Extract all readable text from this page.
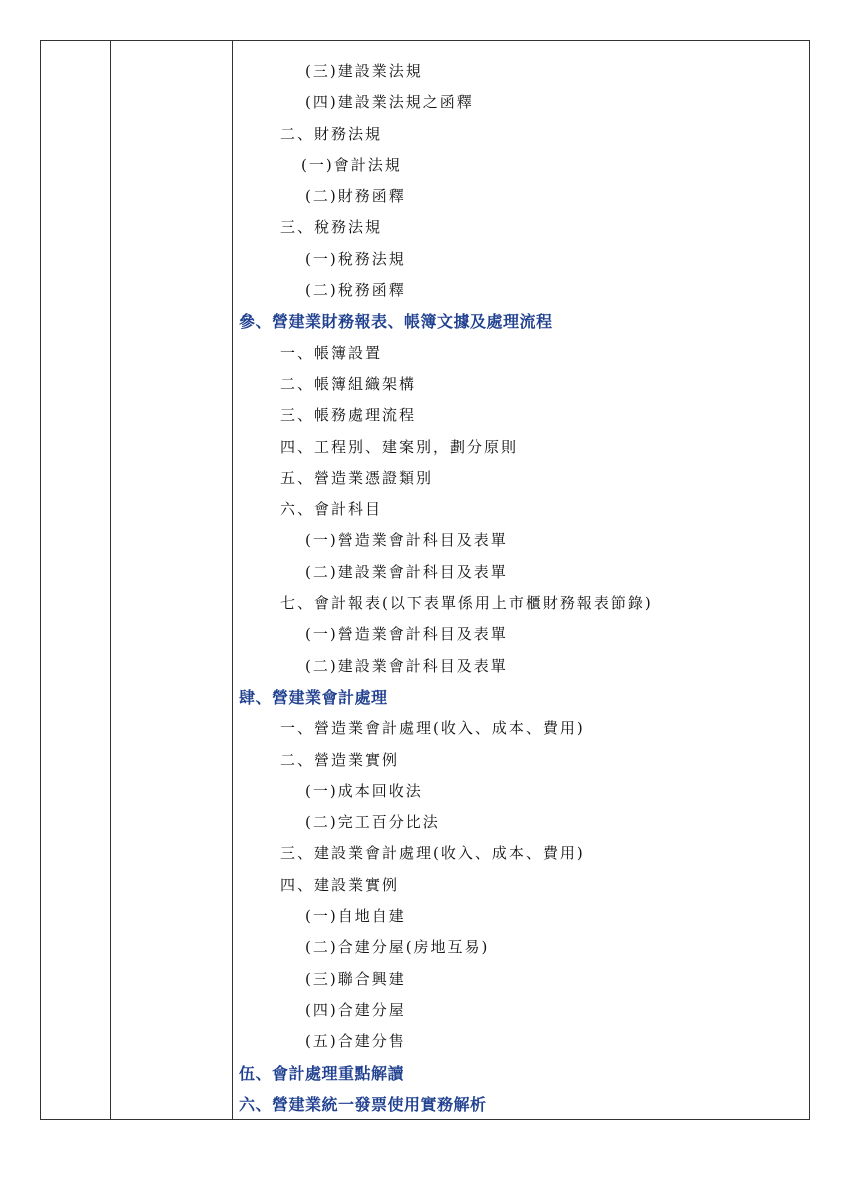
(三)建設業法規
(四)建設業法規之函釋
二、財務法規
(一)會計法規
(二)財務函釋
三、稅務法規
(一)稅務法規
(二)稅務函釋
參、營建業財務報表、帳簿文據及處理流程
一、帳簿設置
二、帳簿組織架構
三、帳務處理流程
四、工程別、建案別，劃分原則
五、營造業憑證類別
六、會計科目
(一)營造業會計科目及表單
(二)建設業會計科目及表單
七、會計報表(以下表單係用上市櫃財務報表節錄)
(一)營造業會計科目及表單
(二)建設業會計科目及表單
肆、營建業會計處理
一、營造業會計處理(收入、成本、費用)
二、營造業實例
(一)成本回收法
(二)完工百分比法
三、建設業會計處理(收入、成本、費用)
四、建設業實例
(一)自地自建
(二)合建分屋(房地互易)
(三)聯合興建
(四)合建分屋
(五)合建分售
伍、會計處理重點解讀
六、營建業統一發票使用實務解析
